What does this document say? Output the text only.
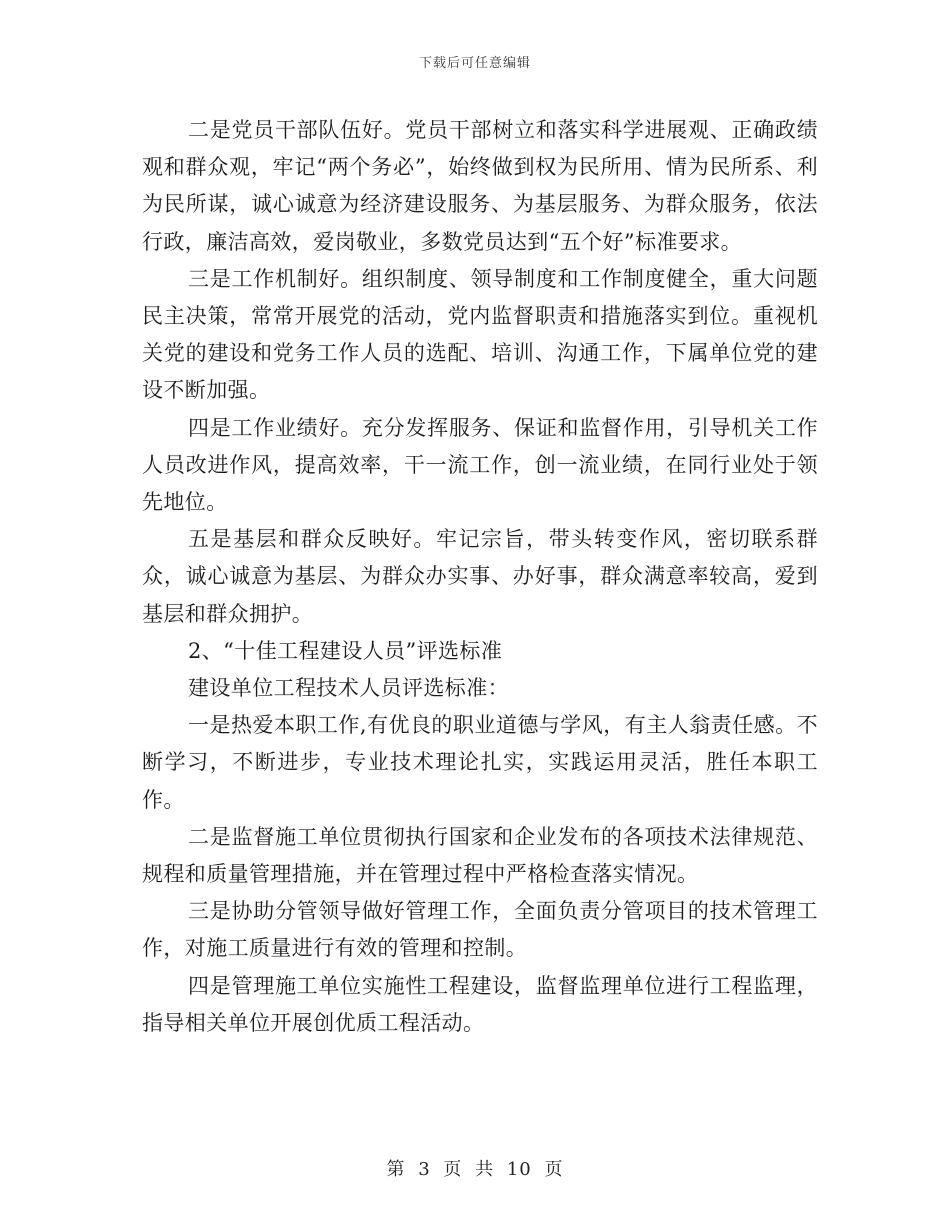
下载后可任意编辑

二是党员干部队伍好。党员干部树立和落实科学进展观、正确政绩观和群众观，牢记“两个务必”，始终做到权为民所用、情为民所系、利为民所谋，诚心诚意为经济建设服务、为基层服务、为群众服务，依法行政，廉洁高效，爱岗敬业，多数党员达到“五个好”标准要求。

三是工作机制好。组织制度、领导制度和工作制度健全，重大问题民主决策，常常开展党的活动，党内监督职责和措施落实到位。重视机关党的建设和党务工作人员的选配、培训、沟通工作，下属单位党的建设不断加强。

四是工作业绩好。充分发挥服务、保证和监督作用，引导机关工作人员改进作风，提高效率，干一流工作，创一流业绩，在同行业处于领先地位。

五是基层和群众反映好。牢记宗旨，带头转变作风，密切联系群众，诚心诚意为基层、为群众办实事、办好事，群众满意率较高，爱到基层和群众拥护。

2、“十佳工程建设人员”评选标准

建设单位工程技术人员评选标准：

一是热爱本职工作,有优良的职业道德与学风，有主人翁责任感。不断学习，不断进步，专业技术理论扎实，实践运用灵活，胜任本职工作。

二是监督施工单位贯彻执行国家和企业发布的各项技术法律规范、规程和质量管理措施，并在管理过程中严格检查落实情况。

三是协助分管领导做好管理工作，全面负责分管项目的技术管理工作，对施工质量进行有效的管理和控制。

四是管理施工单位实施性工程建设，监督监理单位进行工程监理，指导相关单位开展创优质工程活动。

第 3 页 共 10 页
